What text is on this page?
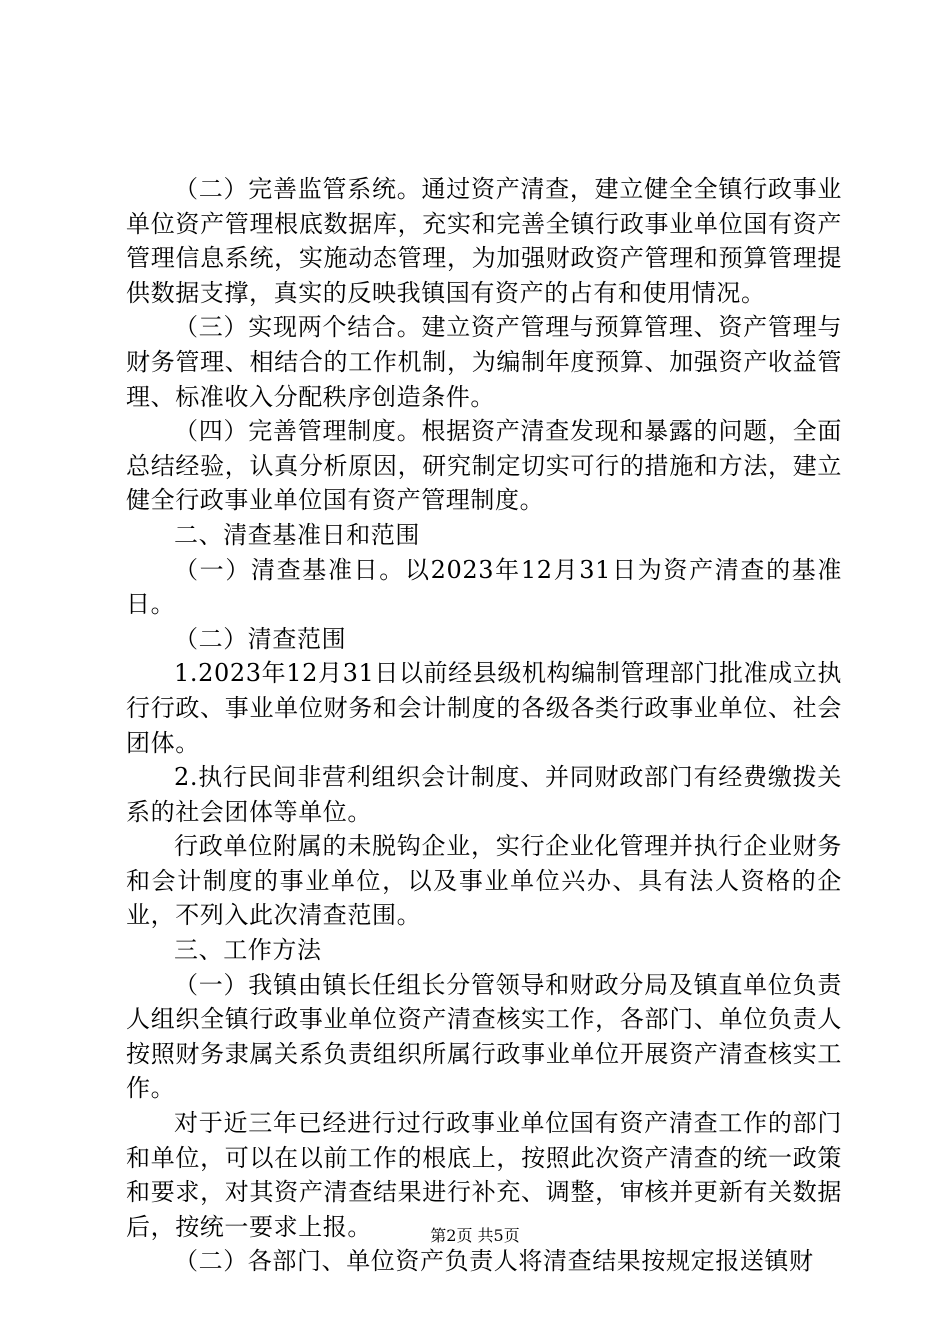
（二）完善监管系统。通过资产清查，建立健全全镇行政事业单位资产管理根底数据库，充实和完善全镇行政事业单位国有资产管理信息系统，实施动态管理，为加强财政资产管理和预算管理提供数据支撑，真实的反映我镇国有资产的占有和使用情况。

（三）实现两个结合。建立资产管理与预算管理、资产管理与财务管理、相结合的工作机制，为编制年度预算、加强资产收益管理、标准收入分配秩序创造条件。

（四）完善管理制度。根据资产清查发现和暴露的问题，全面总结经验，认真分析原因，研究制定切实可行的措施和方法，建立健全行政事业单位国有资产管理制度。

二、清查基准日和范围

（一）清查基准日。以2023年12月31日为资产清查的基准日。

（二）清查范围

1.2023年12月31日以前经县级机构编制管理部门批准成立执行行政、事业单位财务和会计制度的各级各类行政事业单位、社会团体。

2.执行民间非营利组织会计制度、并同财政部门有经费缴拨关系的社会团体等单位。

行政单位附属的未脱钩企业，实行企业化管理并执行企业财务和会计制度的事业单位，以及事业单位兴办、具有法人资格的企业，不列入此次清查范围。

三、工作方法

（一）我镇由镇长任组长分管领导和财政分局及镇直单位负责人组织全镇行政事业单位资产清查核实工作，各部门、单位负责人按照财务隶属关系负责组织所属行政事业单位开展资产清查核实工作。

对于近三年已经进行过行政事业单位国有资产清查工作的部门和单位，可以在以前工作的根底上，按照此次资产清查的统一政策和要求，对其资产清查结果进行补充、调整，审核并更新有关数据后，按统一要求上报。

（二）各部门、单位资产负责人将清查结果按规定报送镇财

第2页 共5页
